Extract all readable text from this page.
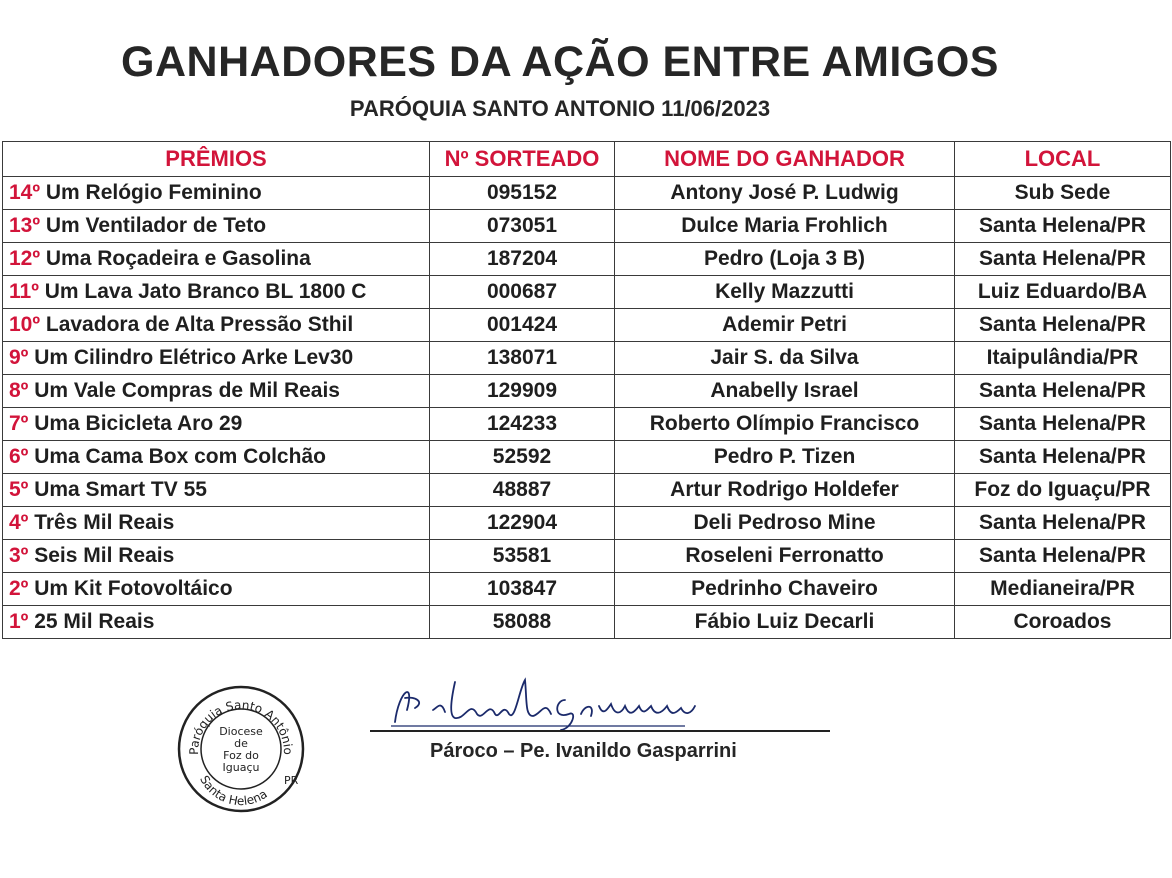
GANHADORES DA AÇÃO ENTRE AMIGOS
PARÓQUIA SANTO ANTONIO 11/06/2023
PRÊMIOS	Nº SORTEADO	NOME DO GANHADOR	LOCAL
14º Um Relógio Feminino	095152	Antony José P. Ludwig	Sub Sede
13º Um Ventilador de Teto	073051	Dulce Maria Frohlich	Santa Helena/PR
12º Uma Roçadeira e Gasolina	187204	Pedro (Loja 3 B)	Santa Helena/PR
11º Um Lava Jato Branco BL 1800 C	000687	Kelly Mazzutti	Luiz Eduardo/BA
10º Lavadora de Alta Pressão Sthil	001424	Ademir Petri	Santa Helena/PR
9º Um Cilindro Elétrico Arke Lev30	138071	Jair S. da Silva	Itaipulândia/PR
8º Um Vale Compras de Mil Reais	129909	Anabelly Israel	Santa Helena/PR
7º Uma Bicicleta Aro 29	124233	Roberto Olímpio Francisco	Santa Helena/PR
6º Uma Cama Box com Colchão	52592	Pedro P. Tizen	Santa Helena/PR
5º Uma Smart TV 55	48887	Artur Rodrigo Holdefer	Foz do Iguaçu/PR
4º Três Mil Reais	122904	Deli Pedroso Mine	Santa Helena/PR
3º Seis Mil Reais	53581	Roseleni Ferronatto	Santa Helena/PR
2º Um Kit Fotovoltáico	103847	Pedrinho Chaveiro	Medianeira/PR
1º 25 Mil Reais	58088	Fábio Luiz Decarli	Coroados
Paróquia Santo Antônio
Santa Helena
PR
Diocese
de
Foz do
Iguaçu
Pároco – Pe. Ivanildo Gasparrini
